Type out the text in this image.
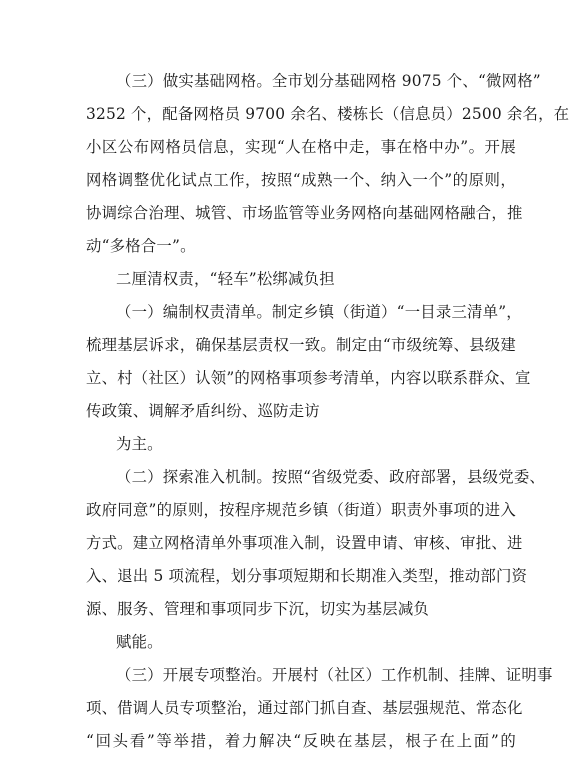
（三）做实基础网格。全市划分基础网格 9075 个、“微网格”
3252 个，配备网格员 9700 余名、楼栋长（信息员）2500 余名，在
小区公布网格员信息，实现“人在格中走，事在格中办”。开展
网格调整优化试点工作，按照“成熟一个、纳入一个”的原则，
协调综合治理、城管、市场监管等业务网格向基础网格融合，推
动“多格合一”。
二厘清权责，“轻车”松绑减负担
（一）编制权责清单。制定乡镇（街道）“一目录三清单”，
梳理基层诉求，确保基层责权一致。制定由“市级统筹、县级建
立、村（社区）认领”的网格事项参考清单，内容以联系群众、宣
传政策、调解矛盾纠纷、巡防走访
为主。
（二）探索准入机制。按照“省级党委、政府部署，县级党委、
政府同意”的原则，按程序规范乡镇（街道）职责外事项的进入
方式。建立网格清单外事项准入制，设置申请、审核、审批、进
入、退出 5 项流程，划分事项短期和长期准入类型，推动部门资
源、服务、管理和事项同步下沉，切实为基层减负
赋能。
（三）开展专项整治。开展村（社区）工作机制、挂牌、证明事
项、借调人员专项整治，通过部门抓自查、基层强规范、常态化
“回头看”等举措，着力解决“反映在基层，根子在上面”的
